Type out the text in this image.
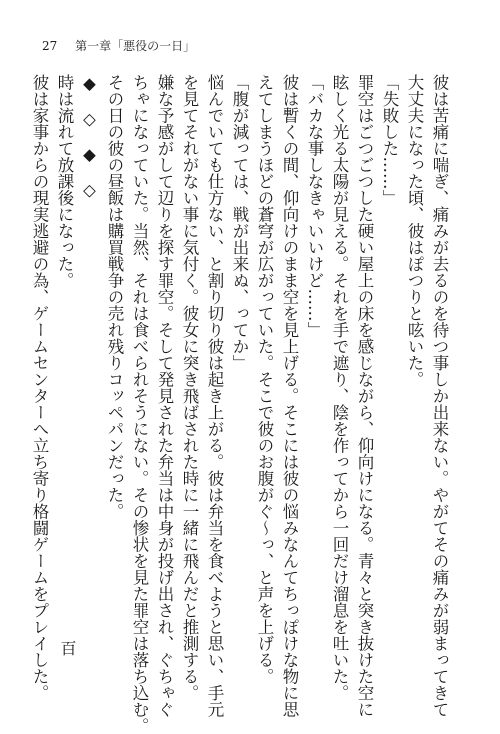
27 第一章「悪役の一日」

彼は苦痛に喘ぎ、痛みが去るのを待つ事しか出来ない。やがてその痛みが弱まってきて

大丈夫になった頃、彼はぽつりと呟いた。

「失敗した……」

罪空はごつごつした硬い屋上の床を感じながら、仰向けになる。青々と突き抜けた空に

眩しく光る太陽が見える。それを手で遮り、陰を作ってから一回だけ溜息を吐いた。

「バカな事しなきゃいいけど……」

彼は暫くの間、仰向けのまま空を見上げる。そこには彼の悩みなんてちっぽけな物に思

えてしまうほどの蒼穹が広がっていた。そこで彼のお腹がぐ～っ、と声を上げる。

「腹が減っては、戦が出来ぬ、ってか」

悩んでいても仕方ない、と割り切り彼は起き上がる。彼は弁当を食べようと思い、手元

を見てそれがない事に気付く。彼女に突き飛ばされた時に一緒に飛んだと推測する。

嫌な予感がして辺りを探す罪空。そして発見された弁当は中身が投げ出され、ぐちゃぐ

ちゃになっていた。当然、それは食べられそうにない。その惨状を見た罪空は落ち込む。

その日の彼の昼飯は購買戦争の売れ残りコッペパンだった。

◆　◇　◆　◇

時は流れて放課後になった。

彼は家事からの現実逃避の為、ゲームセンターへ立ち寄り格闘ゲームをプレイした。 百
